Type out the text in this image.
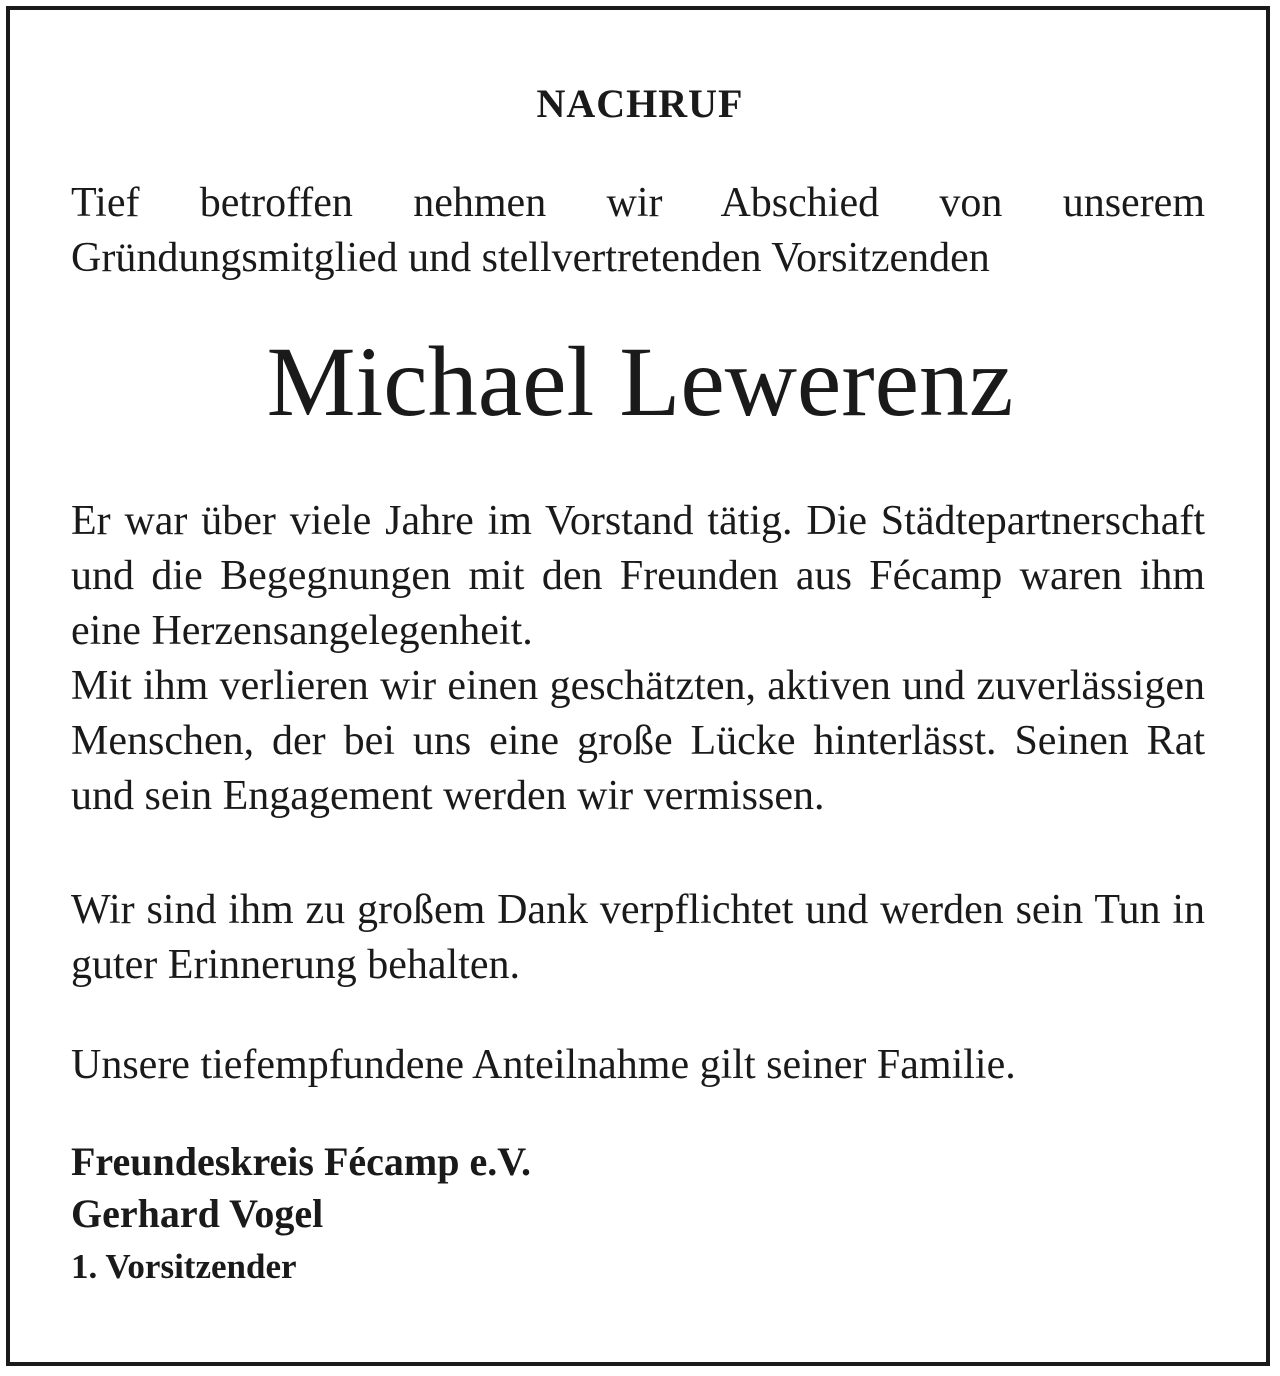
NACHRUF

Tief betroffen nehmen wir Abschied von unserem Gründungsmitglied und stellvertretenden Vorsitzenden

Michael Lewerenz

Er war über viele Jahre im Vorstand tätig. Die Städtepartnerschaft und die Begegnungen mit den Freunden aus Fécamp waren ihm eine Herzensangelegenheit.

Mit ihm verlieren wir einen geschätzten, aktiven und zuverlässigen Menschen, der bei uns eine große Lücke hinterlässt. Seinen Rat und sein Engagement werden wir vermissen.

Wir sind ihm zu großem Dank verpflichtet und werden sein Tun in guter Erinnerung behalten.

Unsere tiefempfundene Anteilnahme gilt seiner Familie.

Freundeskreis Fécamp e.V.

Gerhard Vogel

1. Vorsitzender
